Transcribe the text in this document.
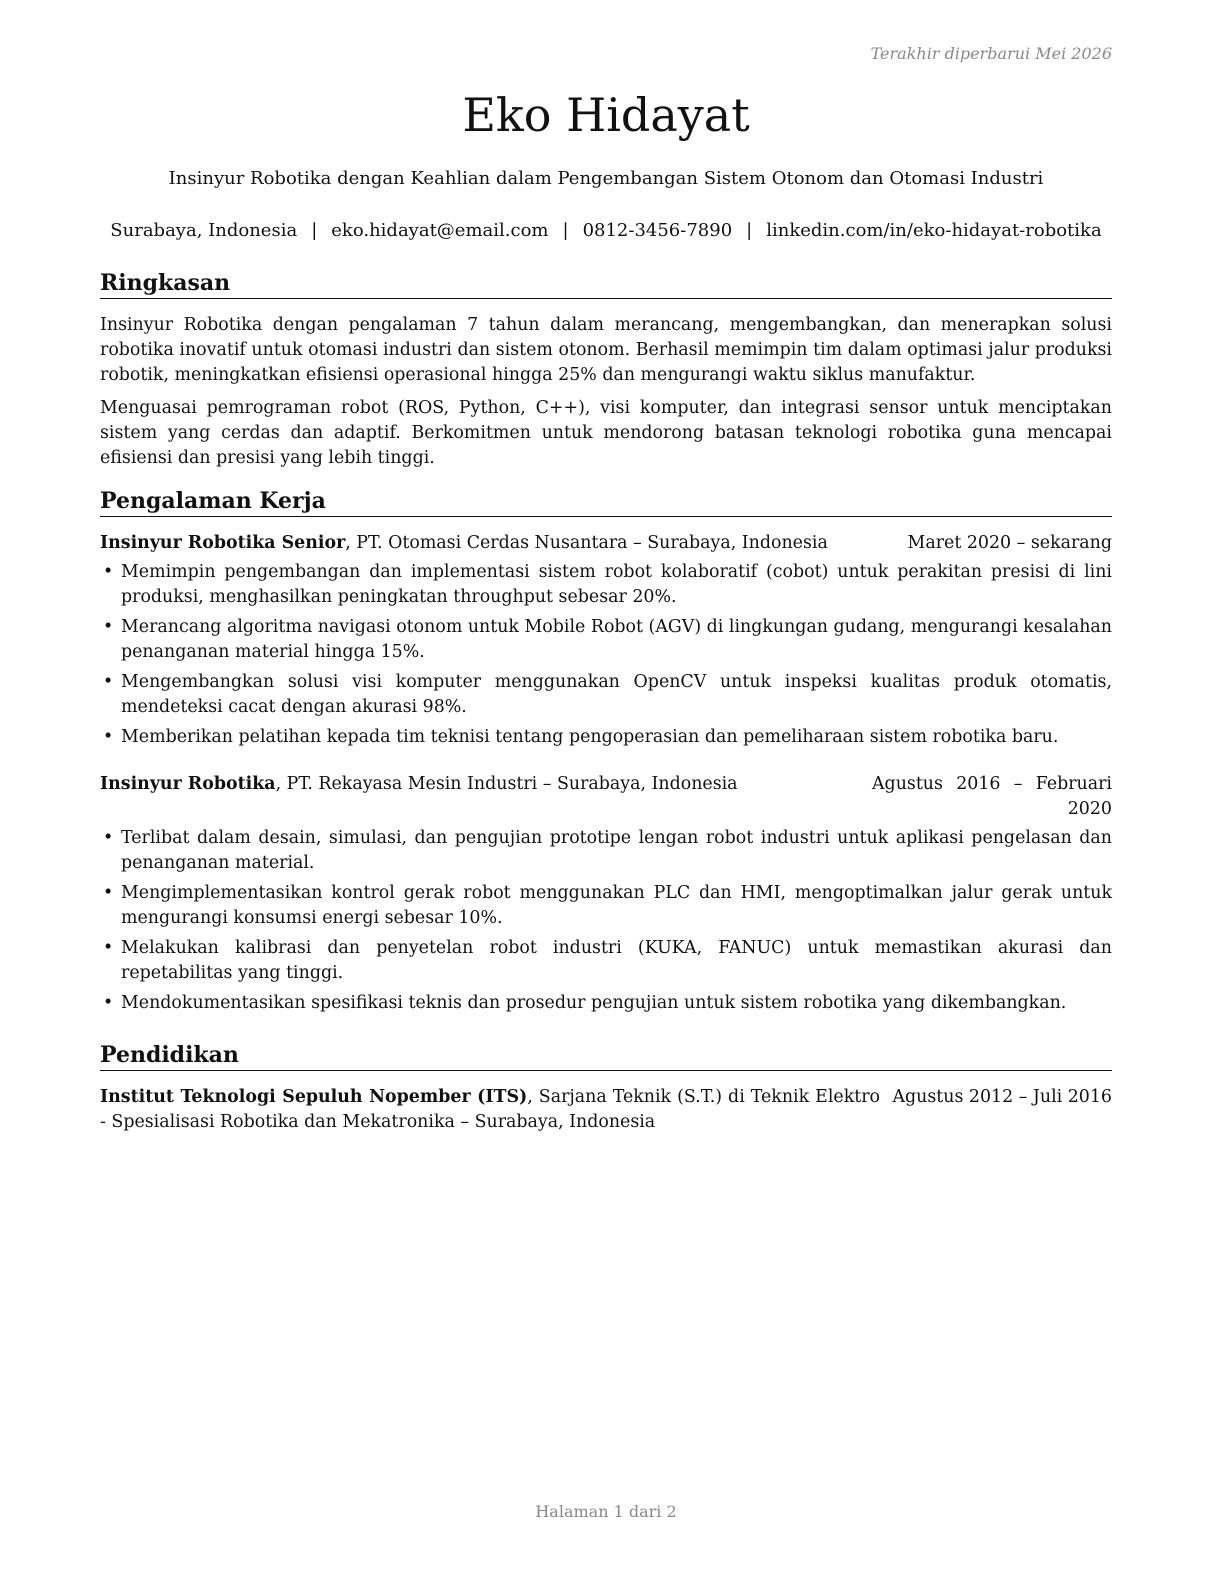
Terakhir diperbarui Mei 2026
Eko Hidayat
Insinyur Robotika dengan Keahlian dalam Pengembangan Sistem Otonom dan Otomasi Industri
Surabaya, Indonesia | eko.hidayat@email.com | 0812-3456-7890 | linkedin.com/in/eko-hidayat-robotika
Ringkasan

Insinyur Robotika dengan pengalaman 7 tahun dalam merancang, mengembangkan, dan menerapkan solusi robotika inovatif untuk otomasi industri dan sistem otonom. Berhasil memimpin tim dalam optimasi jalur produksi robotik, meningkatkan efisiensi operasional hingga 25% dan mengurangi waktu siklus manufaktur.

Menguasai pemrograman robot (ROS, Python, C++), visi komputer, dan integrasi sensor untuk menciptakan sistem yang cerdas dan adaptif. Berkomitmen untuk mendorong batasan teknologi robotika guna mencapai efisiensi dan presisi yang lebih tinggi.

Pengalaman Kerja
Insinyur Robotika Senior, PT. Otomasi Cerdas Nusantara – Surabaya, Indonesia	Maret 2020 – sekarang
• Memimpin pengembangan dan implementasi sistem robot kolaboratif (cobot) untuk perakitan presisi di lini produksi, menghasilkan peningkatan throughput sebesar 20%.
• Merancang algoritma navigasi otonom untuk Mobile Robot (AGV) di lingkungan gudang, mengurangi kesalahan penanganan material hingga 15%.
• Mengembangkan solusi visi komputer menggunakan OpenCV untuk inspeksi kualitas produk otomatis, mendeteksi cacat dengan akurasi 98%.
• Memberikan pelatihan kepada tim teknisi tentang pengoperasian dan pemeliharaan sistem robotika baru.
Insinyur Robotika, PT. Rekayasa Mesin Industri – Surabaya, Indonesia	Agustus 2016 – Februari 2020
• Terlibat dalam desain, simulasi, dan pengujian prototipe lengan robot industri untuk aplikasi pengelasan dan penanganan material.
• Mengimplementasikan kontrol gerak robot menggunakan PLC dan HMI, mengoptimalkan jalur gerak untuk mengurangi konsumsi energi sebesar 10%.
• Melakukan kalibrasi dan penyetelan robot industri (KUKA, FANUC) untuk memastikan akurasi dan repetabilitas yang tinggi.
• Mendokumentasikan spesifikasi teknis dan prosedur pengujian untuk sistem robotika yang dikembangkan.
Pendidikan
Institut Teknologi Sepuluh Nopember (ITS), Sarjana Teknik (S.T.) di Teknik Elektro - Spesialisasi Robotika dan Mekatronika – Surabaya, Indonesia
Agustus 2012 – Juli 2016
Halaman 1 dari 2
